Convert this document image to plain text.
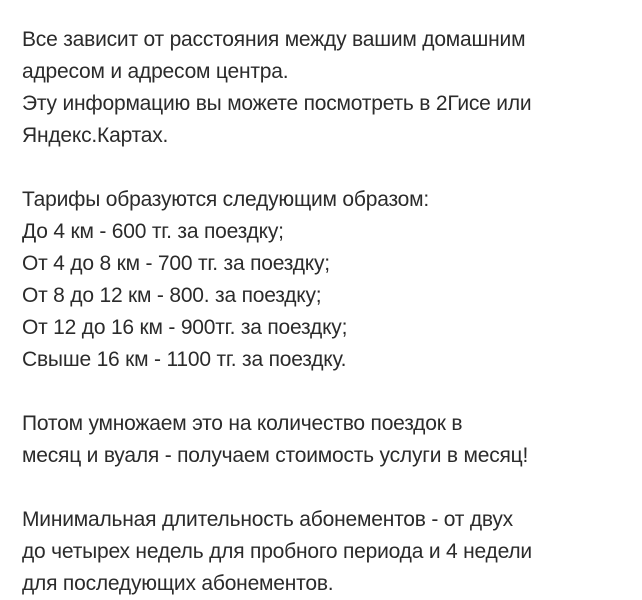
Все зависит от расстояния между вашим домашним
адресом и адресом центра.
Эту информацию вы можете посмотреть в 2Гисе или
Яндекс.Картах.
Тарифы образуются следующим образом:
До 4 км - 600 тг. за поездку;
От 4 до 8 км - 700 тг. за поездку;
От 8 до 12 км - 800. за поездку;
От 12 до 16 км - 900тг. за поездку;
Свыше 16 км - 1100 тг. за поездку.
Потом умножаем это на количество поездок в
месяц и вуаля - получаем стоимость услуги в месяц!
Минимальная длительность абонементов - от двух
до четырех недель для пробного периода и 4 недели
для последующих абонементов.
